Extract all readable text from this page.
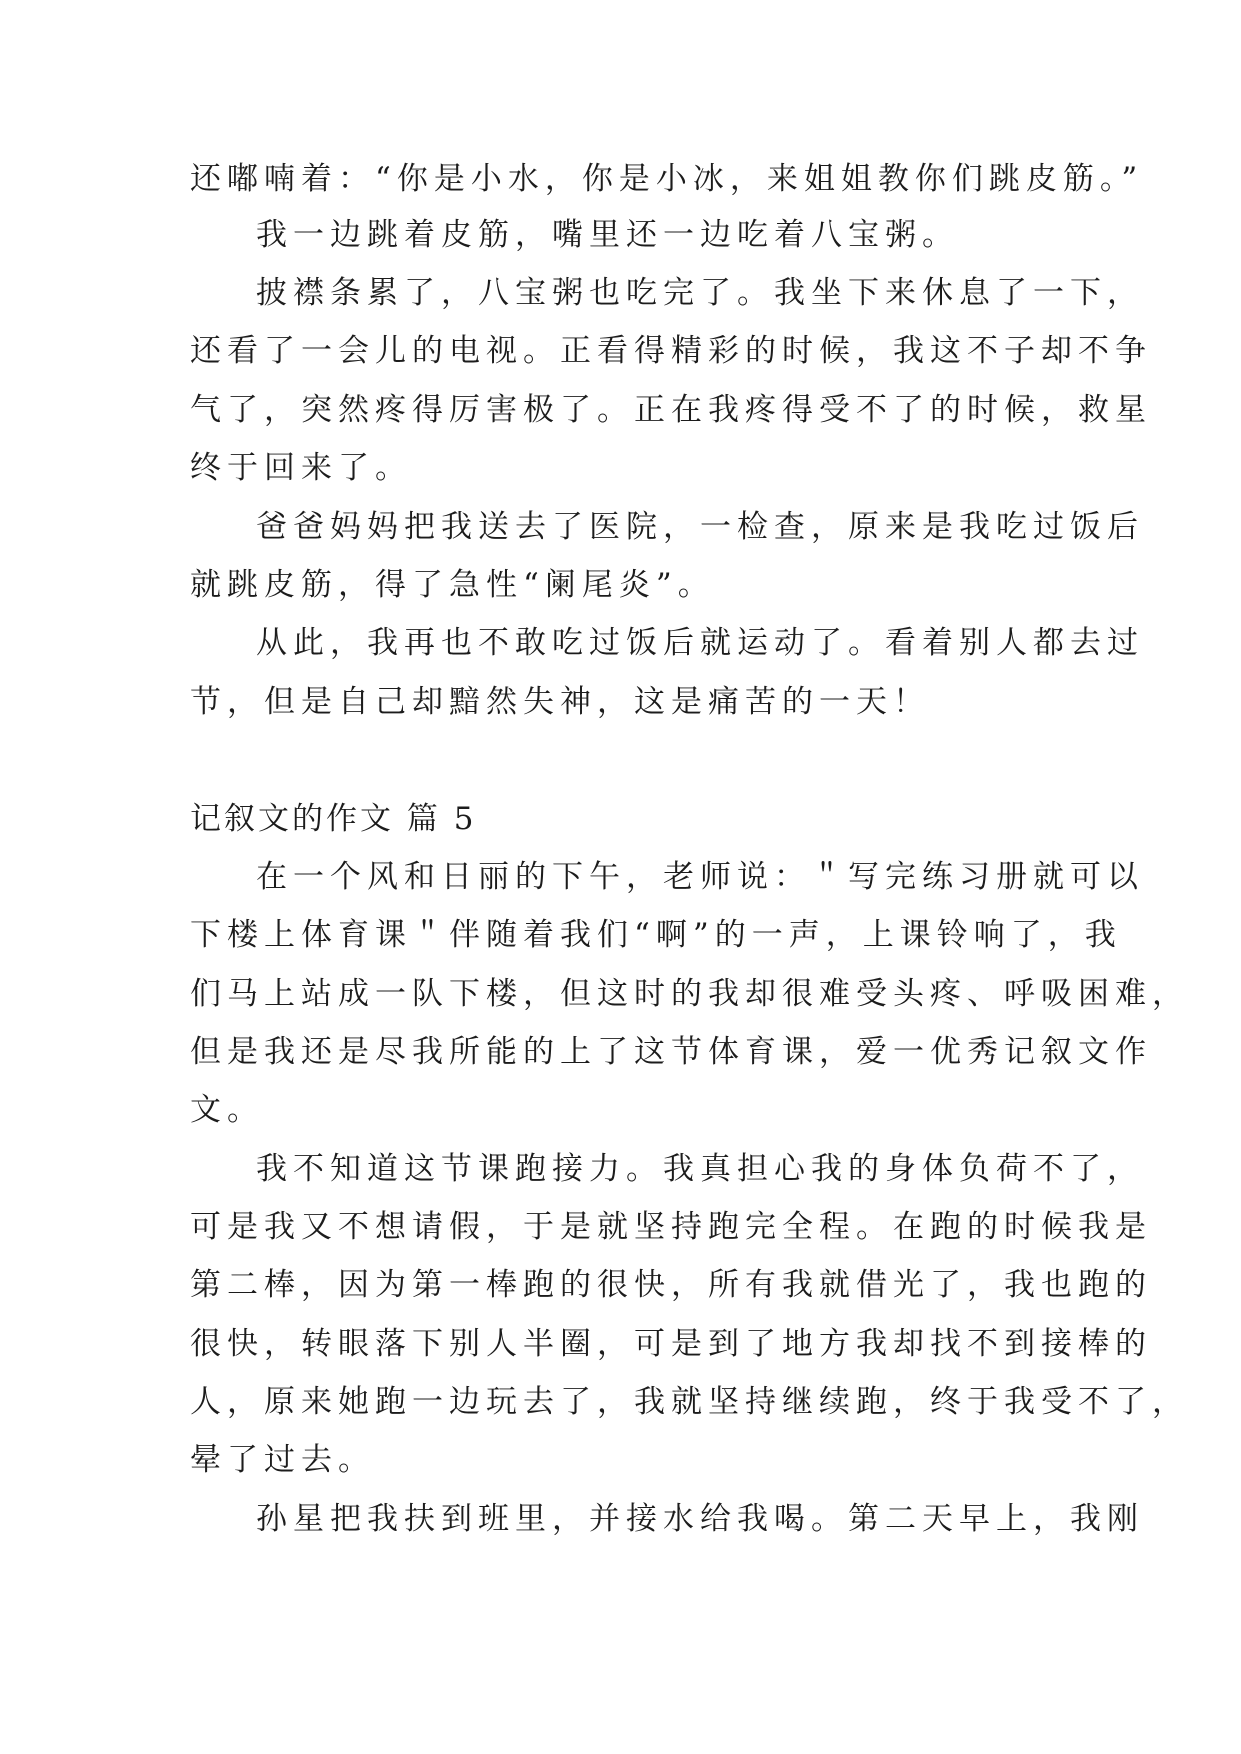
还嘟喃着：“你是小水，你是小冰，来姐姐教你们跳皮筋。”
我一边跳着皮筋，嘴里还一边吃着八宝粥。
披襟条累了，八宝粥也吃完了。我坐下来休息了一下，
还看了一会儿的电视。正看得精彩的时候，我这不子却不争
气了，突然疼得厉害极了。正在我疼得受不了的时候，救星
终于回来了。
爸爸妈妈把我送去了医院，一检查，原来是我吃过饭后
就跳皮筋，得了急性“阑尾炎”。
从此，我再也不敢吃过饭后就运动了。看着别人都去过
节，但是自己却黯然失神，这是痛苦的一天！
记叙文的作文 篇 5
在一个风和日丽的下午，老师说：＂写完练习册就可以
下楼上体育课＂伴随着我们“啊”的一声，上课铃响了，我
们马上站成一队下楼，但这时的我却很难受头疼、呼吸困难，
但是我还是尽我所能的上了这节体育课，爱一优秀记叙文作
文。
我不知道这节课跑接力。我真担心我的身体负荷不了，
可是我又不想请假，于是就坚持跑完全程。在跑的时候我是
第二棒，因为第一棒跑的很快，所有我就借光了，我也跑的
很快，转眼落下别人半圈，可是到了地方我却找不到接棒的
人，原来她跑一边玩去了，我就坚持继续跑，终于我受不了，
晕了过去。
孙星把我扶到班里，并接水给我喝。第二天早上，我刚
